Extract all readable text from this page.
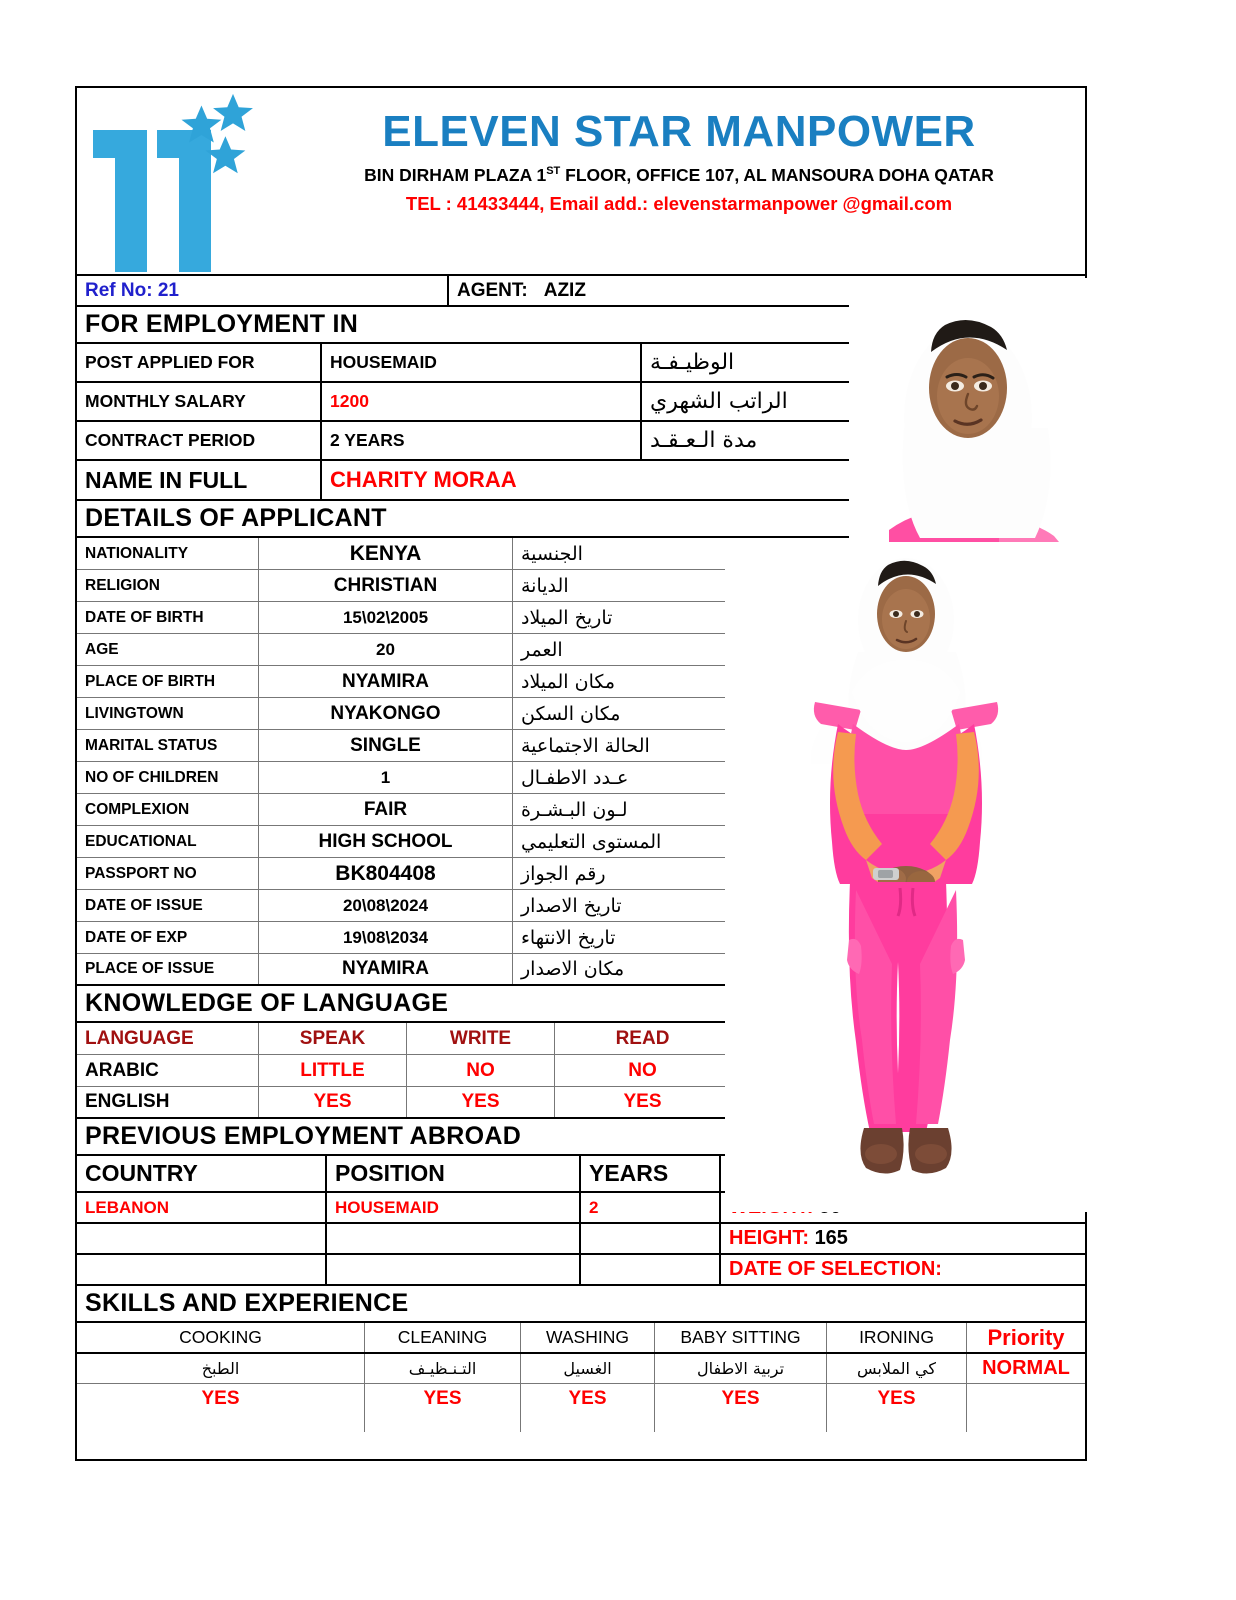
ELEVEN STAR MANPOWER
BIN DIRHAM PLAZA 1ST FLOOR, OFFICE 107, AL MANSOURA DOHA QATAR
TEL : 41433444, Email add.: elevenstarmanpower @gmail.com
Ref No: 21	AGENT: AZIZ
FOR EMPLOYMENT IN
POST APPLIED FOR	HOUSEMAID	الوظيـفـة
MONTHLY SALARY	1200	الراتب الشهري
CONTRACT PERIOD	2 YEARS	مدة الـعـقـد
NAME IN FULL	CHARITY MORAA
DETAILS OF APPLICANT
NATIONALITY	KENYA	الجنسية
RELIGION	CHRISTIAN	الديانة
DATE OF BIRTH	15\02\2005	تاريخ الميلاد
AGE	20	العمر
PLACE OF BIRTH	NYAMIRA	مكان الميلاد
LIVINGTOWN	NYAKONGO	مكان السكن
MARITAL STATUS	SINGLE	الحالة الاجتماعية
NO OF CHILDREN	1	عـدد الاطفـال
COMPLEXION	FAIR	لـون البـشـرة
EDUCATIONAL	HIGH SCHOOL	المستوى التعليمي
PASSPORT NO	BK804408	رقم الجواز
DATE OF ISSUE	20\08\2024	تاريخ الاصدار
DATE OF EXP	19\08\2034	تاريخ الانتهاء
PLACE OF ISSUE	NYAMIRA	مكان الاصدار
KNOWLEDGE OF LANGUAGE
LANGUAGE	SPEAK	WRITE	READ
ARABIC	LITTLE	NO	NO
ENGLISH	YES	YES	YES
PREVIOUS EMPLOYMENT ABROAD
COUNTRY	POSITION	YEARS
LEBANON	HOUSEMAID	2

HEIGHT:
165
DATE OF SELECTION:

SKILLS AND EXPERIENCE
COOKING	CLEANING	WASHING	BABY SITTING	IRONING	Priority
الطبخ	التـنـظيـف	الغسيل	تربية الاطفال	كي الملابس	NORMAL
YES	YES	YES	YES	YES
